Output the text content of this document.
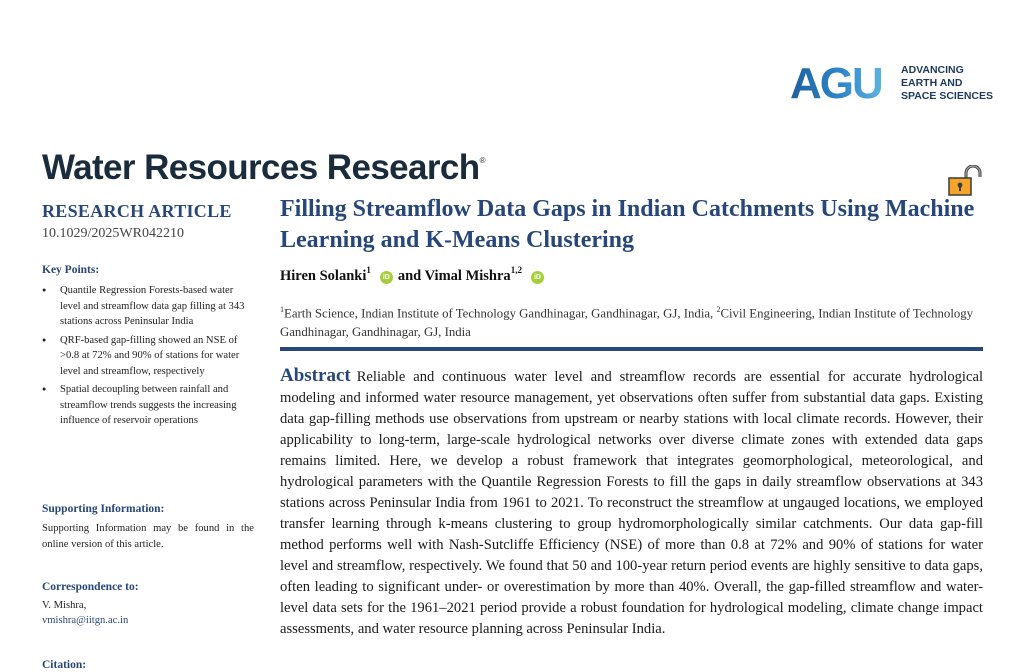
AGU ADVANCING
EARTH AND
SPACE SCIENCES
Water Resources Research®
RESEARCH ARTICLE
10.1029/2025WR042210
Key Points:
● Quantile Regression Forests-based water level and streamflow data gap filling at 343 stations across Peninsular India
● QRF-based gap-filling showed an NSE of >0.8 at 72% and 90% of stations for water level and streamflow, respectively
● Spatial decoupling between rainfall and streamflow trends suggests the increasing influence of reservoir operations
Supporting Information:
Supporting Information may be found in the online version of this article.
Correspondence to:
V. Mishra,
vmishra@iitgn.ac.in
Citation:
Filling Streamflow Data Gaps in Indian Catchments Using Machine Learning and K-Means Clustering
Hiren Solanki$^1$iD and Vimal Mishra$^{1,2}$iD
$^1$Earth Science, Indian Institute of Technology Gandhinagar, Gandhinagar, GJ, India, $^2$Civil Engineering, Indian Institute of Technology Gandhinagar, Gandhinagar, GJ, India
Abstract Reliable and continuous water level and streamflow records are essential for accurate hydrological modeling and informed water resource management, yet observations often suffer from substantial data gaps. Existing data gap-filling methods use observations from upstream or nearby stations with local climate records. However, their applicability to long-term, large-scale hydrological networks over diverse climate zones with extended data gaps remains limited. Here, we develop a robust framework that integrates geomorphological, meteorological, and hydrological parameters with the Quantile Regression Forests to fill the gaps in daily streamflow observations at 343 stations across Peninsular India from 1961 to 2021. To reconstruct the streamflow at ungauged locations, we employed transfer learning through k-means clustering to group hydromorphologically similar catchments. Our data gap-fill method performs well with Nash-Sutcliffe Efficiency (NSE) of more than 0.8 at 72% and 90% of stations for water level and streamflow, respectively. We found that 50 and 100-year return period events are highly sensitive to data gaps, often leading to significant under- or overestimation by more than 40%. Overall, the gap-filled streamflow and water-level data sets for the 1961–2021 period provide a robust foundation for hydrological modeling, climate change impact assessments, and water resource planning across Peninsular India.
